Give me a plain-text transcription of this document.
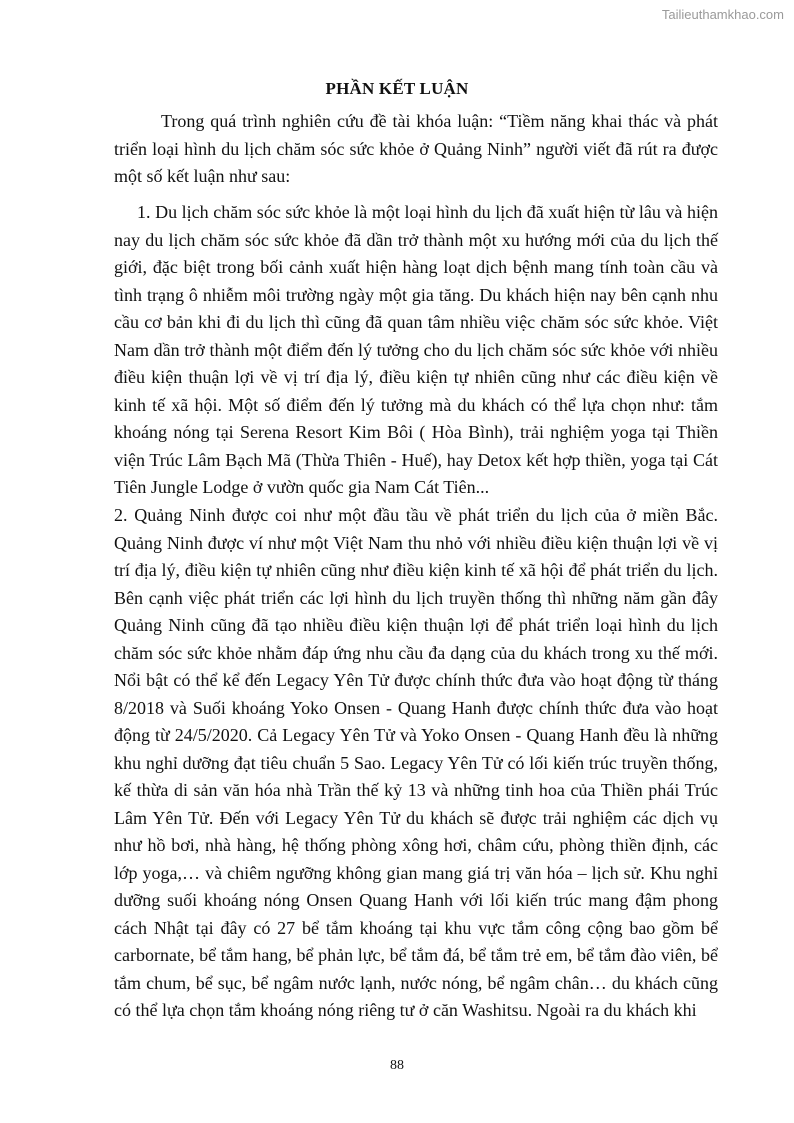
Tailieuthamkhao.com
PHẦN KẾT LUẬN
Trong quá trình nghiên cứu đề tài khóa luận: “Tiềm năng khai thác và phát triển loại hình du lịch chăm sóc sức khỏe ở Quảng Ninh” người viết đã rút ra được một số kết luận như sau:
1. Du lịch chăm sóc sức khỏe là một loại hình du lịch đã xuất hiện từ lâu và hiện nay du lịch chăm sóc sức khỏe đã dần trở thành một xu hướng mới của du lịch thế giới, đặc biệt trong bối cảnh xuất hiện hàng loạt dịch bệnh mang tính toàn cầu và tình trạng ô nhiễm môi trường ngày một gia tăng. Du khách hiện nay bên cạnh nhu cầu cơ bản khi đi du lịch thì cũng đã quan tâm nhiều việc chăm sóc sức khỏe. Việt Nam dần trở thành một điểm đến lý tưởng cho du lịch chăm sóc sức khỏe với nhiều điều kiện thuận lợi về vị trí địa lý, điều kiện tự nhiên cũng như các điều kiện về kinh tế xã hội. Một số điểm đến lý tưởng mà du khách có thể lựa chọn như: tắm khoáng nóng tại Serena Resort Kim Bôi ( Hòa Bình), trải nghiệm yoga tại Thiền viện Trúc Lâm Bạch Mã (Thừa Thiên - Huế), hay Detox kết hợp thiền, yoga tại Cát Tiên Jungle Lodge ở vườn quốc gia Nam Cát Tiên...
2. Quảng Ninh được coi như một đầu tầu về phát triển du lịch của ở miền Bắc. Quảng Ninh được ví như một Việt Nam thu nhỏ với nhiều điều kiện thuận lợi về vị trí địa lý, điều kiện tự nhiên cũng như điều kiện kinh tế xã hội để phát triển du lịch. Bên cạnh việc phát triển các lợi hình du lịch truyền thống thì những năm gần đây Quảng Ninh cũng đã tạo nhiều điều kiện thuận lợi để phát triển loại hình du lịch chăm sóc sức khỏe nhằm đáp ứng nhu cầu đa dạng của du khách trong xu thế mới. Nổi bật có thể kể đến Legacy Yên Tử được chính thức đưa vào hoạt động từ tháng 8/2018 và Suối khoáng Yoko Onsen - Quang Hanh được chính thức đưa vào hoạt động từ 24/5/2020. Cả Legacy Yên Tử và Yoko Onsen - Quang Hanh đều là những khu nghỉ dưỡng đạt tiêu chuẩn 5 Sao. Legacy Yên Tử có lối kiến trúc truyền thống, kế thừa di sản văn hóa nhà Trần thế kỷ 13 và những tinh hoa của Thiền phái Trúc Lâm Yên Tử. Đến với Legacy Yên Tử du khách sẽ được trải nghiệm các dịch vụ như hồ bơi, nhà hàng, hệ thống phòng xông hơi, châm cứu, phòng thiền định, các lớp yoga,… và chiêm ngưỡng không gian mang giá trị văn hóa – lịch sử. Khu nghỉ dưỡng suối khoáng nóng Onsen Quang Hanh với lối kiến trúc mang đậm phong cách Nhật tại đây có 27 bể tắm khoáng tại khu vực tắm công cộng bao gồm bể carbornate, bể tắm hang, bể phản lực, bể tắm đá, bể tắm trẻ em, bể tắm đào viên, bể tắm chum, bể sục, bể ngâm nước lạnh, nước nóng, bể ngâm chân… du khách cũng có thể lựa chọn tắm khoáng nóng riêng tư ở căn Washitsu. Ngoài ra du khách khi
88
